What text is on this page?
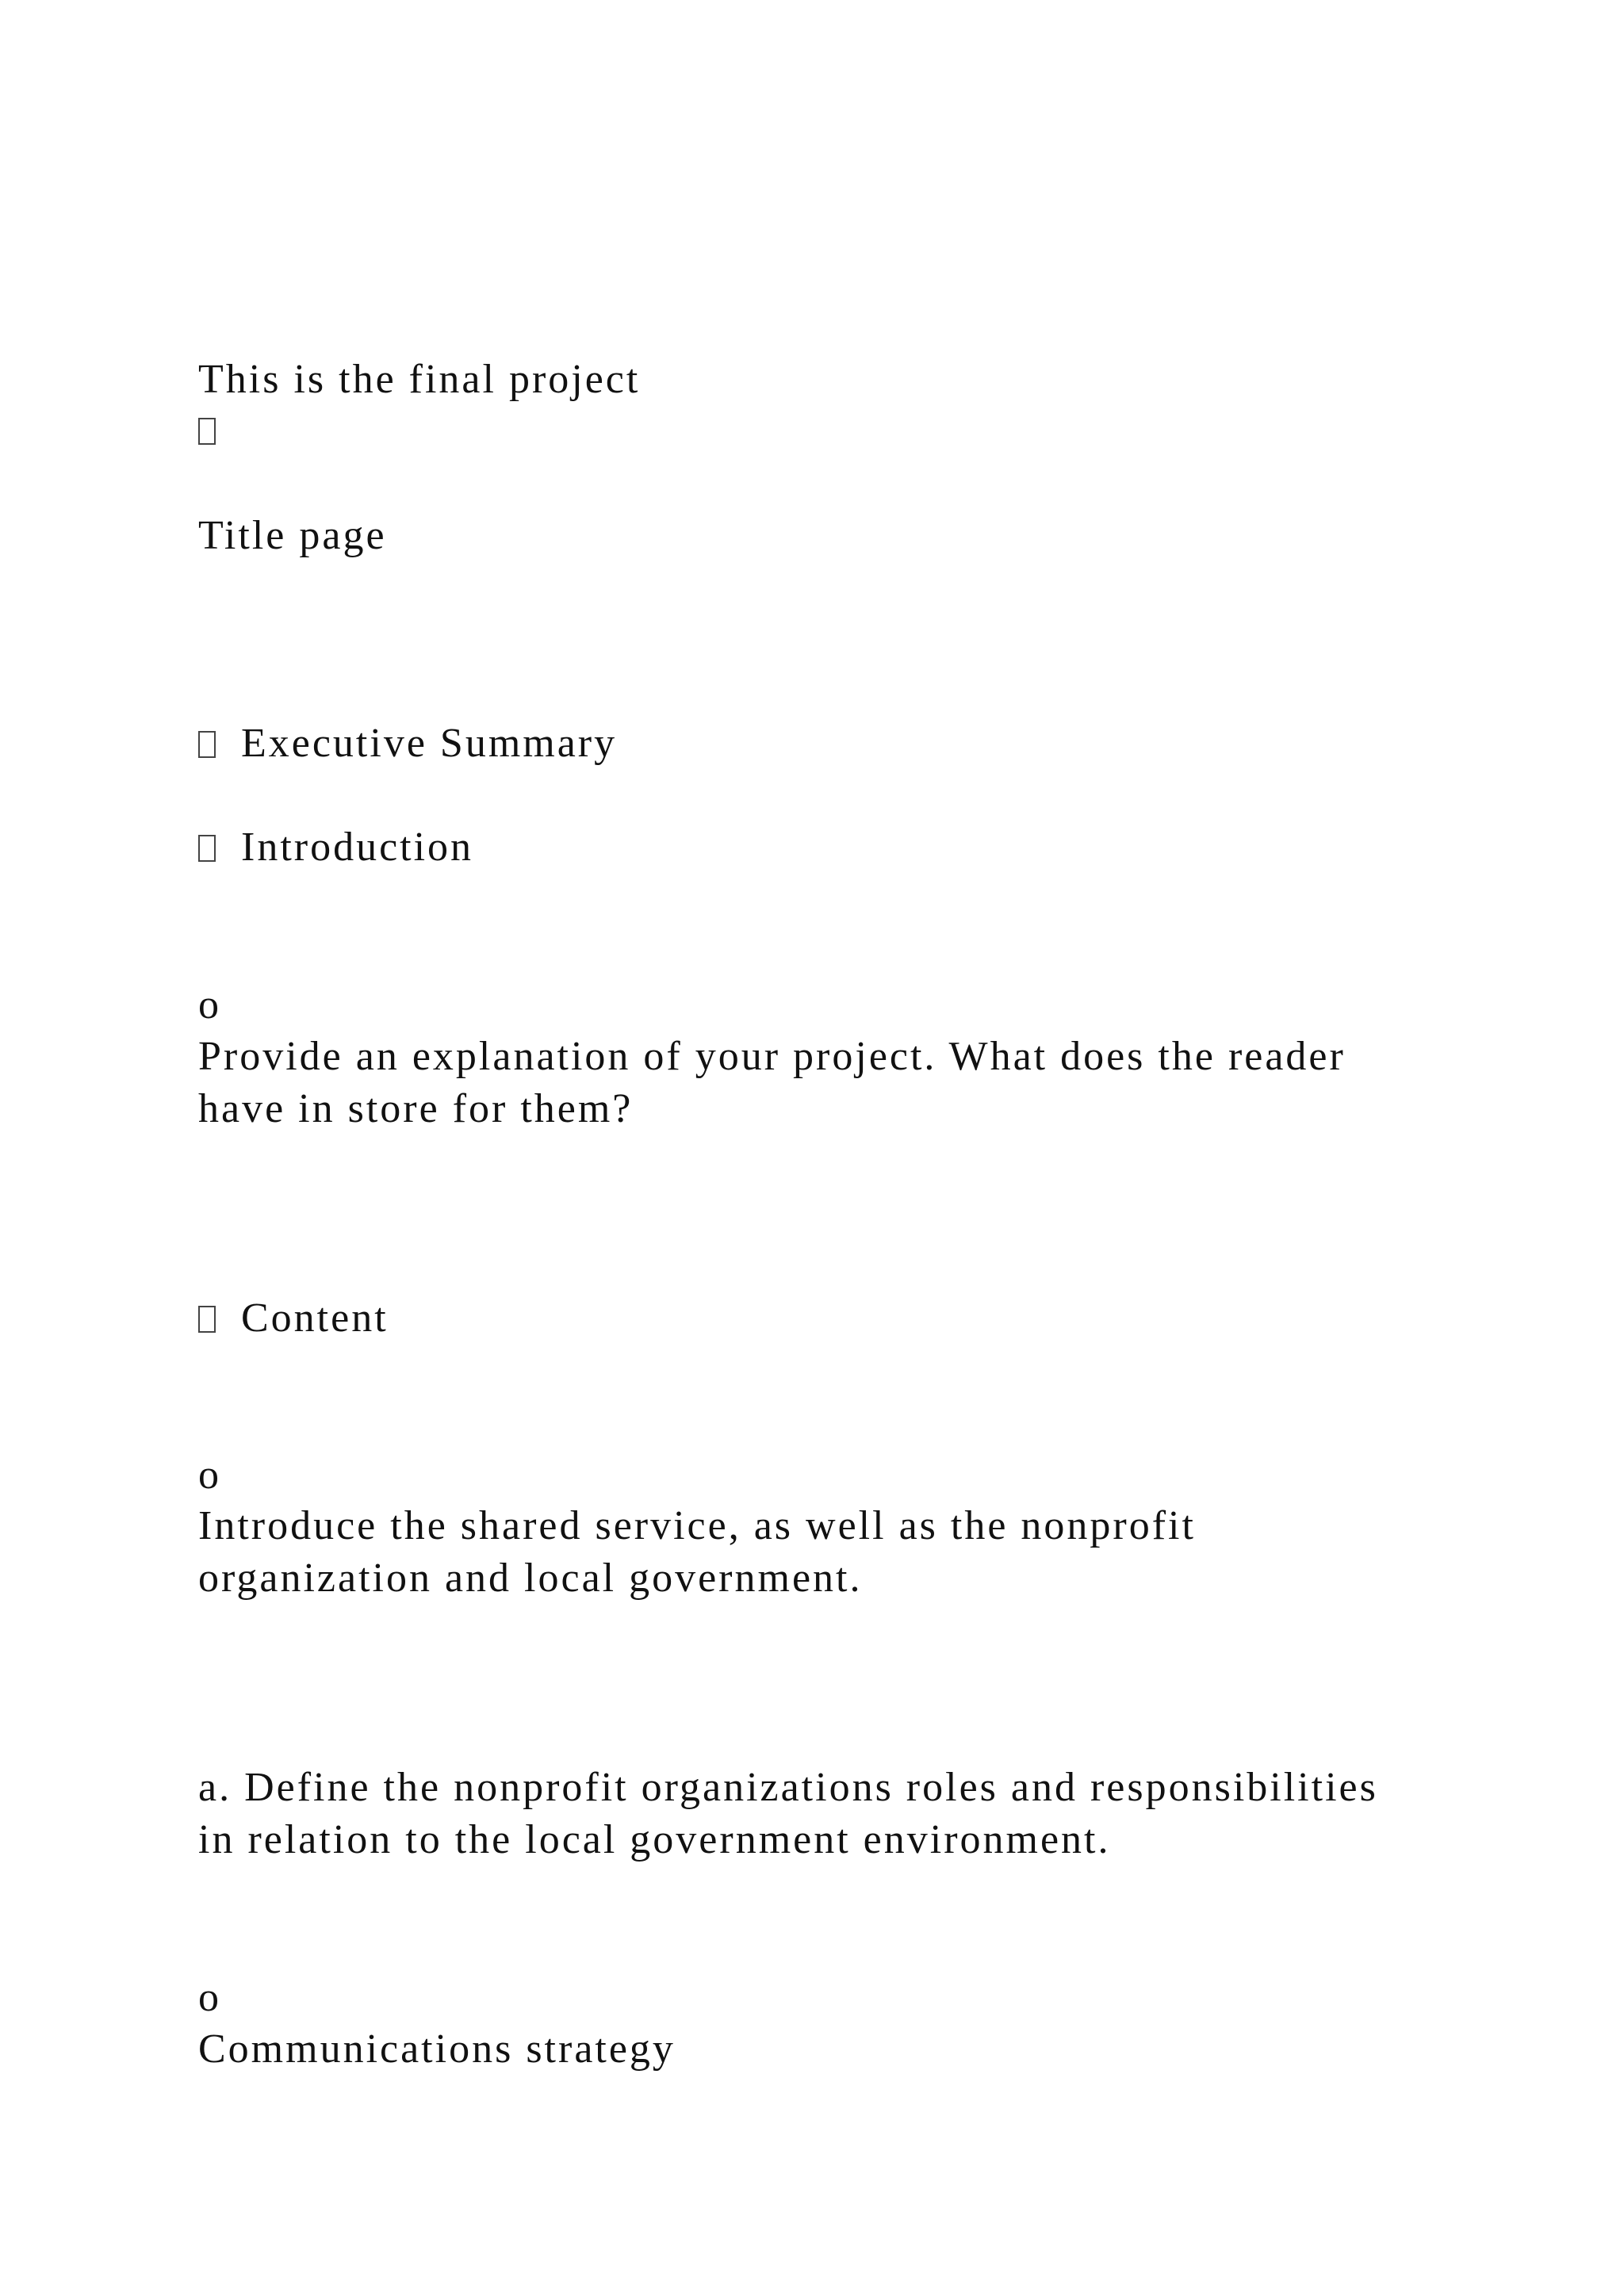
This is the final project
Title page
Executive Summary
Introduction
o
Provide an explanation of your project. What does the reader
have in store for them?
Content
o
Introduce the shared service, as well as the nonprofit
organization and local government.
a. Define the nonprofit organizations roles and responsibilities
in relation to the local government environment.
o
Communications strategy
